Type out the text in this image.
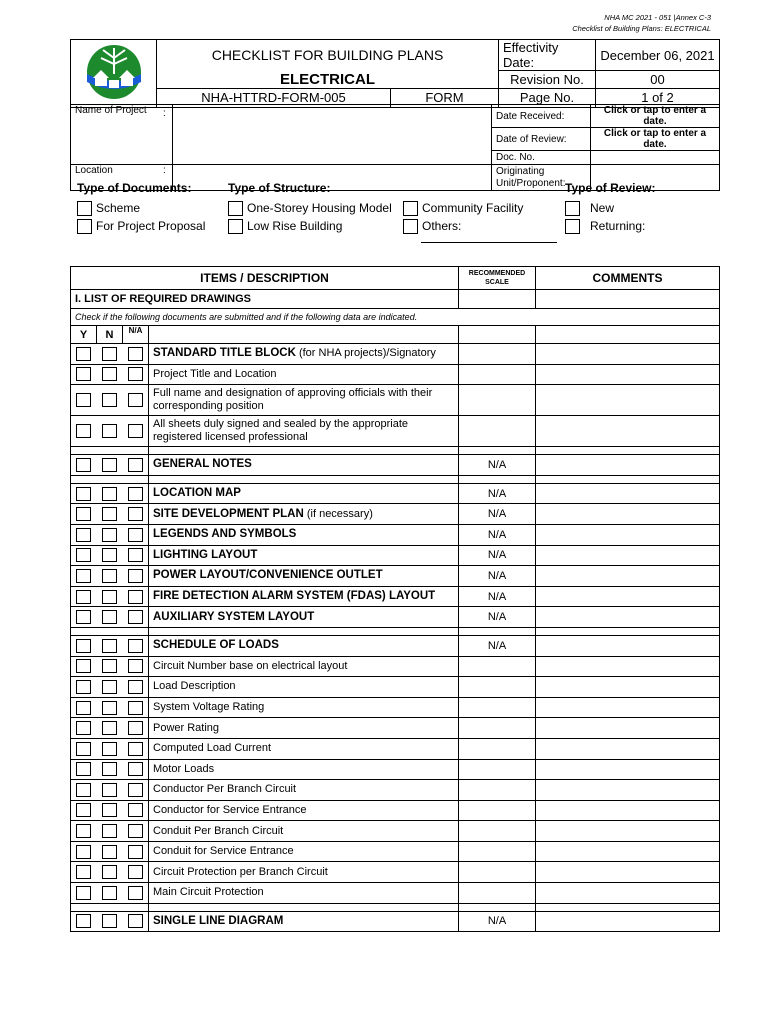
NHA MC 2021 - 051 |Annex C-3
Checklist of Building Plans: ELECTRICAL
	CHECKLIST FOR BUILDING PLANS		Effectivity Date:	December 06, 2021
	ELECTRICAL		Revision No.	00
	NHA-HTTRD-FORM-005	FORM	Page No.	1 of 2
Name of Project	:		Date Received:	Click or tap to enter a date.
			Date of Review:	Click or tap to enter a date.
			Doc. No.	
Location	:		Originating Unit/Proponent:	
Type of Documents:
Scheme
For Project Proposal
Type of Structure:
One-Storey Housing Model
Low Rise Building
Community Facility
Others:
Type of Review:
New
Returning:
ITEMS / DESCRIPTION				RECOMMENDED SCALE	COMMENTS
I. LIST OF REQUIRED DRAWINGS					
Check if the following documents are submitted and if the following data are indicated.					
Y	N	N/A			
			STANDARD TITLE BLOCK (for NHA projects)/Signatory		
			Project Title and Location		
			Full name and designation of approving officials with their corresponding position		
			All sheets duly signed and sealed by the appropriate registered licensed professional		

			GENERAL NOTES	N/A	

			LOCATION MAP	N/A	
			SITE DEVELOPMENT PLAN (if necessary)	N/A	
			LEGENDS AND SYMBOLS	N/A	
			LIGHTING LAYOUT	N/A	
			POWER LAYOUT/CONVENIENCE OUTLET	N/A	
			FIRE DETECTION ALARM SYSTEM (FDAS) LAYOUT	N/A	
			AUXILIARY SYSTEM LAYOUT	N/A	

			SCHEDULE OF LOADS	N/A	
			Circuit Number base on electrical layout		
			Load Description		
			System Voltage Rating		
			Power Rating		
			Computed Load Current		
			Motor Loads		
			Conductor Per Branch Circuit		
			Conductor for Service Entrance		
			Conduit Per Branch Circuit		
			Conduit for Service Entrance		
			Circuit Protection per Branch Circuit		
			Main Circuit Protection		

			SINGLE LINE DIAGRAM	N/A	
